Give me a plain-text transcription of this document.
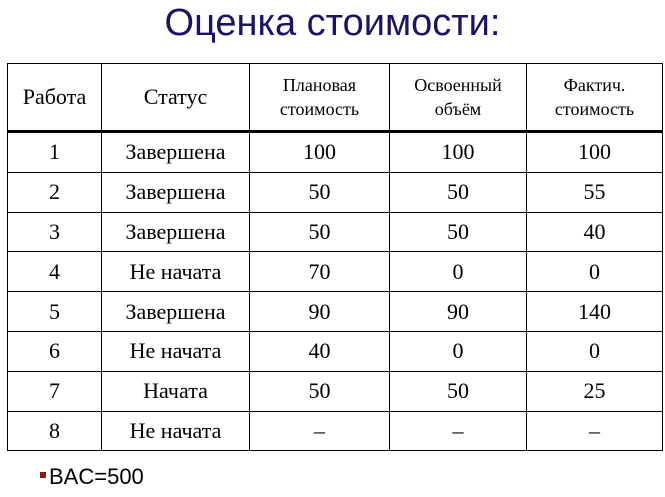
Оценка стоимости:
Работа	Статус	Плановая стоимость	Освоенный объём	Фактич. стоимость
1	Завершена	100	100	100
2	Завершена	50	50	55
3	Завершена	50	50	40
4	Не начата	70	0	0
5	Завершена	90	90	140
6	Не начата	40	0	0
7	Начата	50	50	25
8	Не начата	–	–	–
BAC=500
